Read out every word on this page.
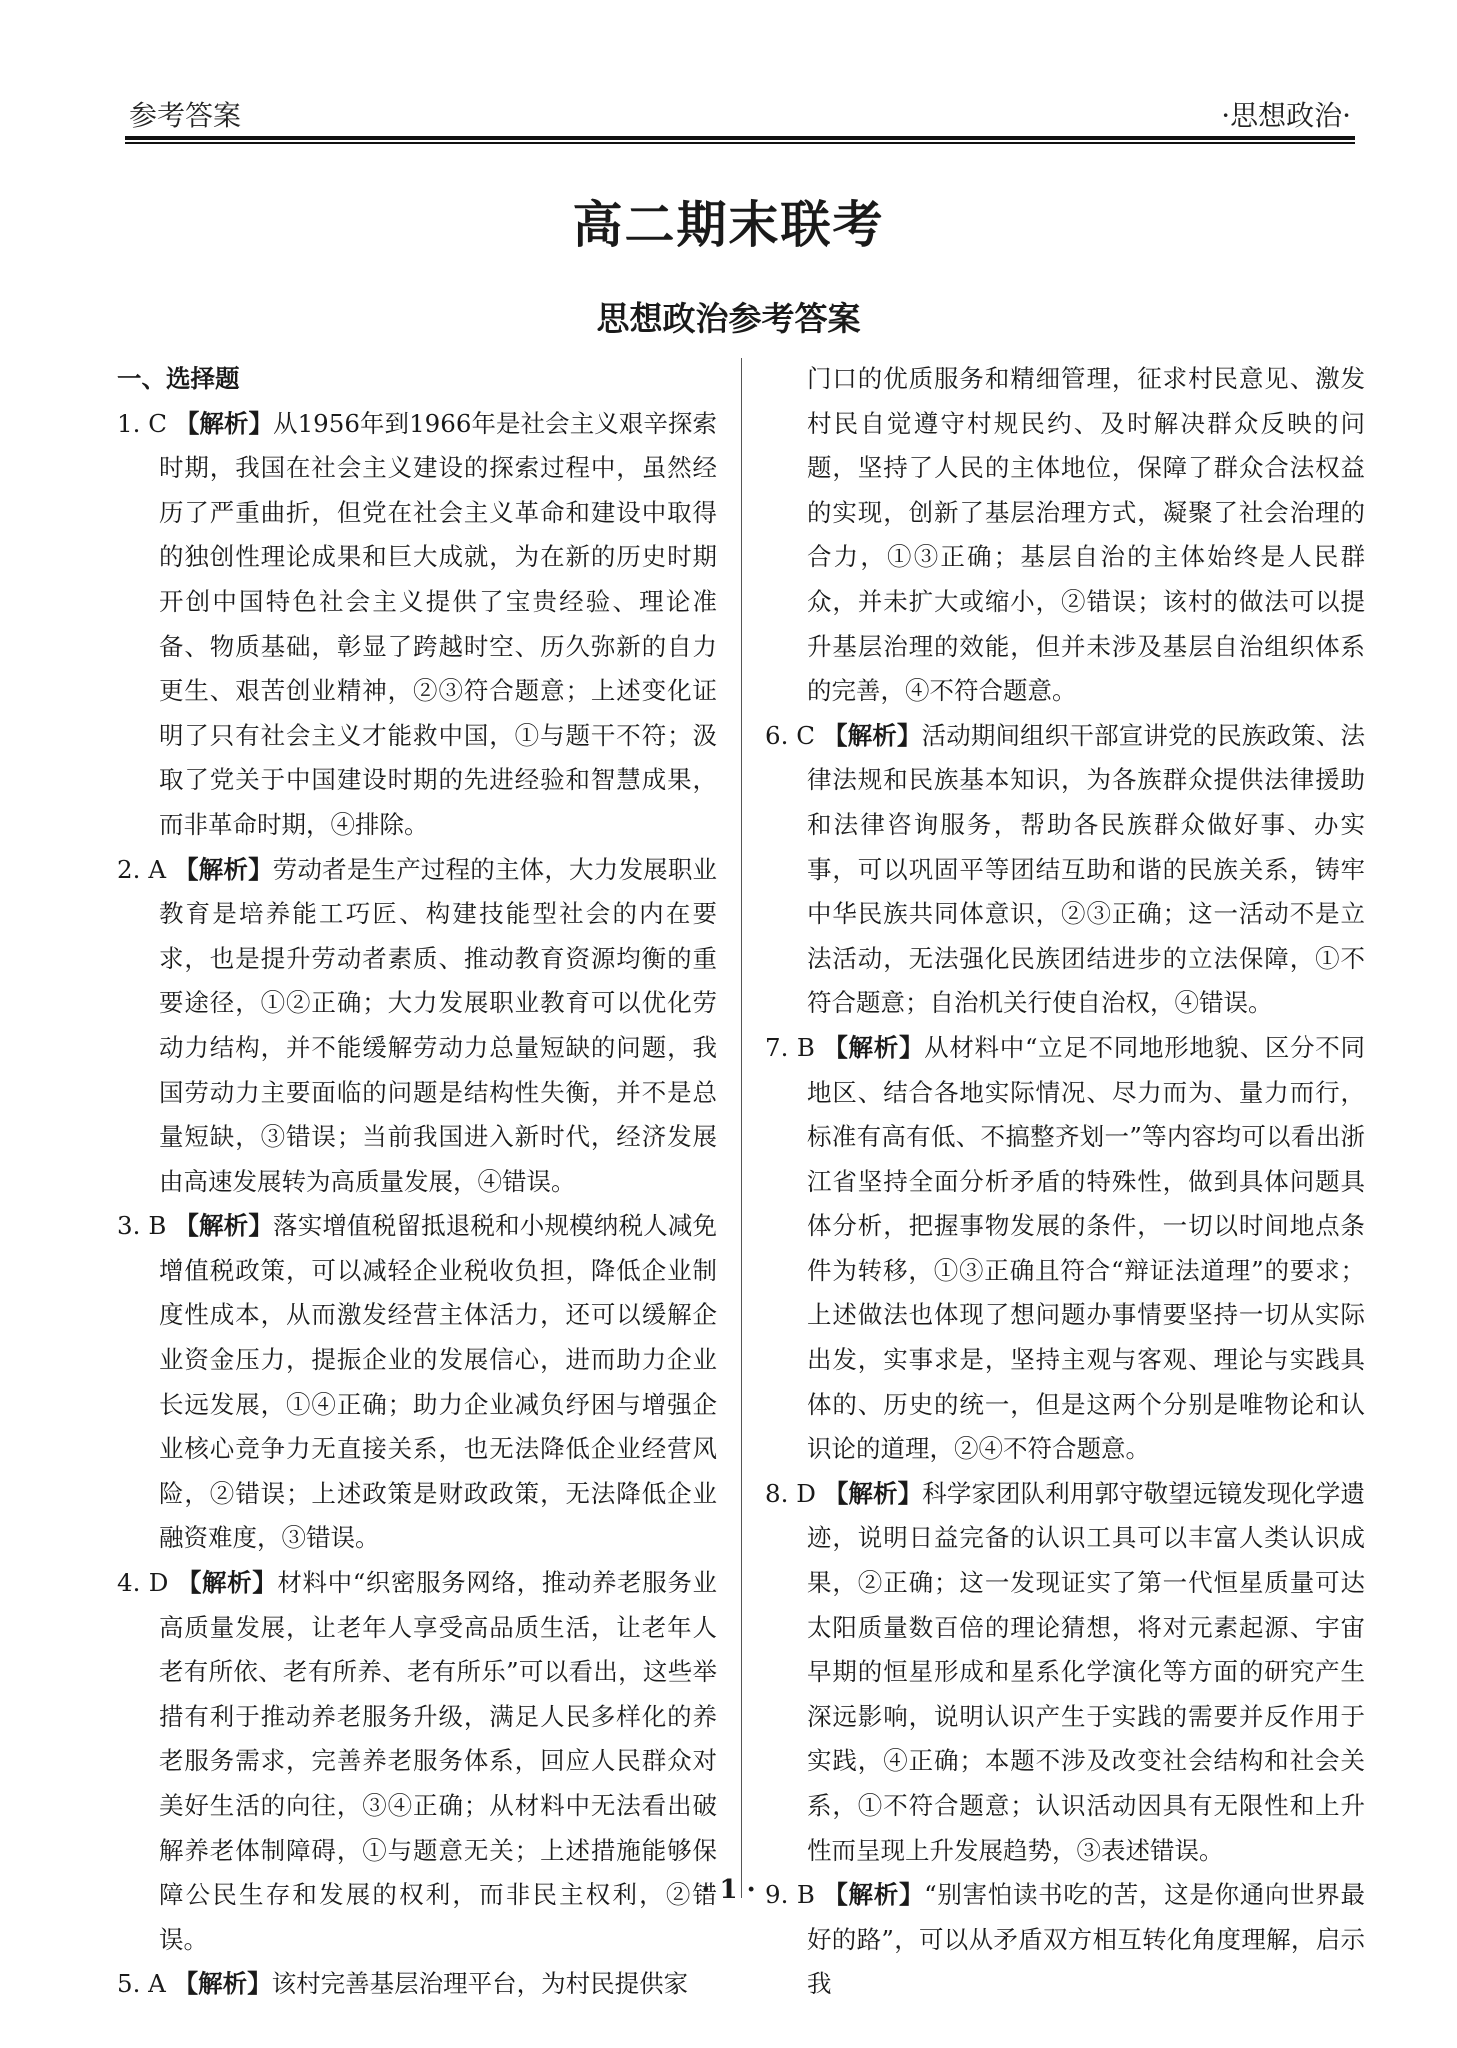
参考答案	·思想政治·
高二期末联考
思想政治参考答案

一、选择题

1. C 【解析】从1956年到1966年是社会主义艰辛探索时期，我国在社会主义建设的探索过程中，虽然经历了严重曲折，但党在社会主义革命和建设中取得的独创性理论成果和巨大成就，为在新的历史时期开创中国特色社会主义提供了宝贵经验、理论准备、物质基础，彰显了跨越时空、历久弥新的自力更生、艰苦创业精神，②③符合题意；上述变化证明了只有社会主义才能救中国，①与题干不符；汲取了党关于中国建设时期的先进经验和智慧成果，而非革命时期，④排除。

2. A 【解析】劳动者是生产过程的主体，大力发展职业教育是培养能工巧匠、构建技能型社会的内在要求，也是提升劳动者素质、推动教育资源均衡的重要途径，①②正确；大力发展职业教育可以优化劳动力结构，并不能缓解劳动力总量短缺的问题，我国劳动力主要面临的问题是结构性失衡，并不是总量短缺，③错误；当前我国进入新时代，经济发展由高速发展转为高质量发展，④错误。

3. B 【解析】落实增值税留抵退税和小规模纳税人减免增值税政策，可以减轻企业税收负担，降低企业制度性成本，从而激发经营主体活力，还可以缓解企业资金压力，提振企业的发展信心，进而助力企业长远发展，①④正确；助力企业减负纾困与增强企业核心竞争力无直接关系，也无法降低企业经营风险，②错误；上述政策是财政政策，无法降低企业融资难度，③错误。

4. D 【解析】材料中“织密服务网络，推动养老服务业高质量发展，让老年人享受高品质生活，让老年人老有所依、老有所养、老有所乐”可以看出，这些举措有利于推动养老服务升级，满足人民多样化的养老服务需求，完善养老服务体系，回应人民群众对美好生活的向往，③④正确；从材料中无法看出破解养老体制障碍，①与题意无关；上述措施能够保障公民生存和发展的权利，而非民主权利，②错误。

5. A 【解析】该村完善基层治理平台，为村民提供家

门口的优质服务和精细管理，征求村民意见、激发村民自觉遵守村规民约、及时解决群众反映的问题，坚持了人民的主体地位，保障了群众合法权益的实现，创新了基层治理方式，凝聚了社会治理的合力，①③正确；基层自治的主体始终是人民群众，并未扩大或缩小，②错误；该村的做法可以提升基层治理的效能，但并未涉及基层自治组织体系的完善，④不符合题意。

6. C 【解析】活动期间组织干部宣讲党的民族政策、法律法规和民族基本知识，为各族群众提供法律援助和法律咨询服务，帮助各民族群众做好事、办实事，可以巩固平等团结互助和谐的民族关系，铸牢中华民族共同体意识，②③正确；这一活动不是立法活动，无法强化民族团结进步的立法保障，①不符合题意；自治机关行使自治权，④错误。

7. B 【解析】从材料中“立足不同地形地貌、区分不同地区、结合各地实际情况、尽力而为、量力而行，标准有高有低、不搞整齐划一”等内容均可以看出浙江省坚持全面分析矛盾的特殊性，做到具体问题具体分析，把握事物发展的条件，一切以时间地点条件为转移，①③正确且符合“辩证法道理”的要求；上述做法也体现了想问题办事情要坚持一切从实际出发，实事求是，坚持主观与客观、理论与实践具体的、历史的统一，但是这两个分别是唯物论和认识论的道理，②④不符合题意。

8. D 【解析】科学家团队利用郭守敬望远镜发现化学遗迹，说明日益完备的认识工具可以丰富人类认识成果，②正确；这一发现证实了第一代恒星质量可达太阳质量数百倍的理论猜想，将对元素起源、宇宙早期的恒星形成和星系化学演化等方面的研究产生深远影响，说明认识产生于实践的需要并反作用于实践，④正确；本题不涉及改变社会结构和社会关系，①不符合题意；认识活动因具有无限性和上升性而呈现上升发展趋势，③表述错误。

9. B 【解析】“别害怕读书吃的苦，这是你通向世界最好的路”，可以从矛盾双方相互转化角度理解，启示我

· 1 ·
